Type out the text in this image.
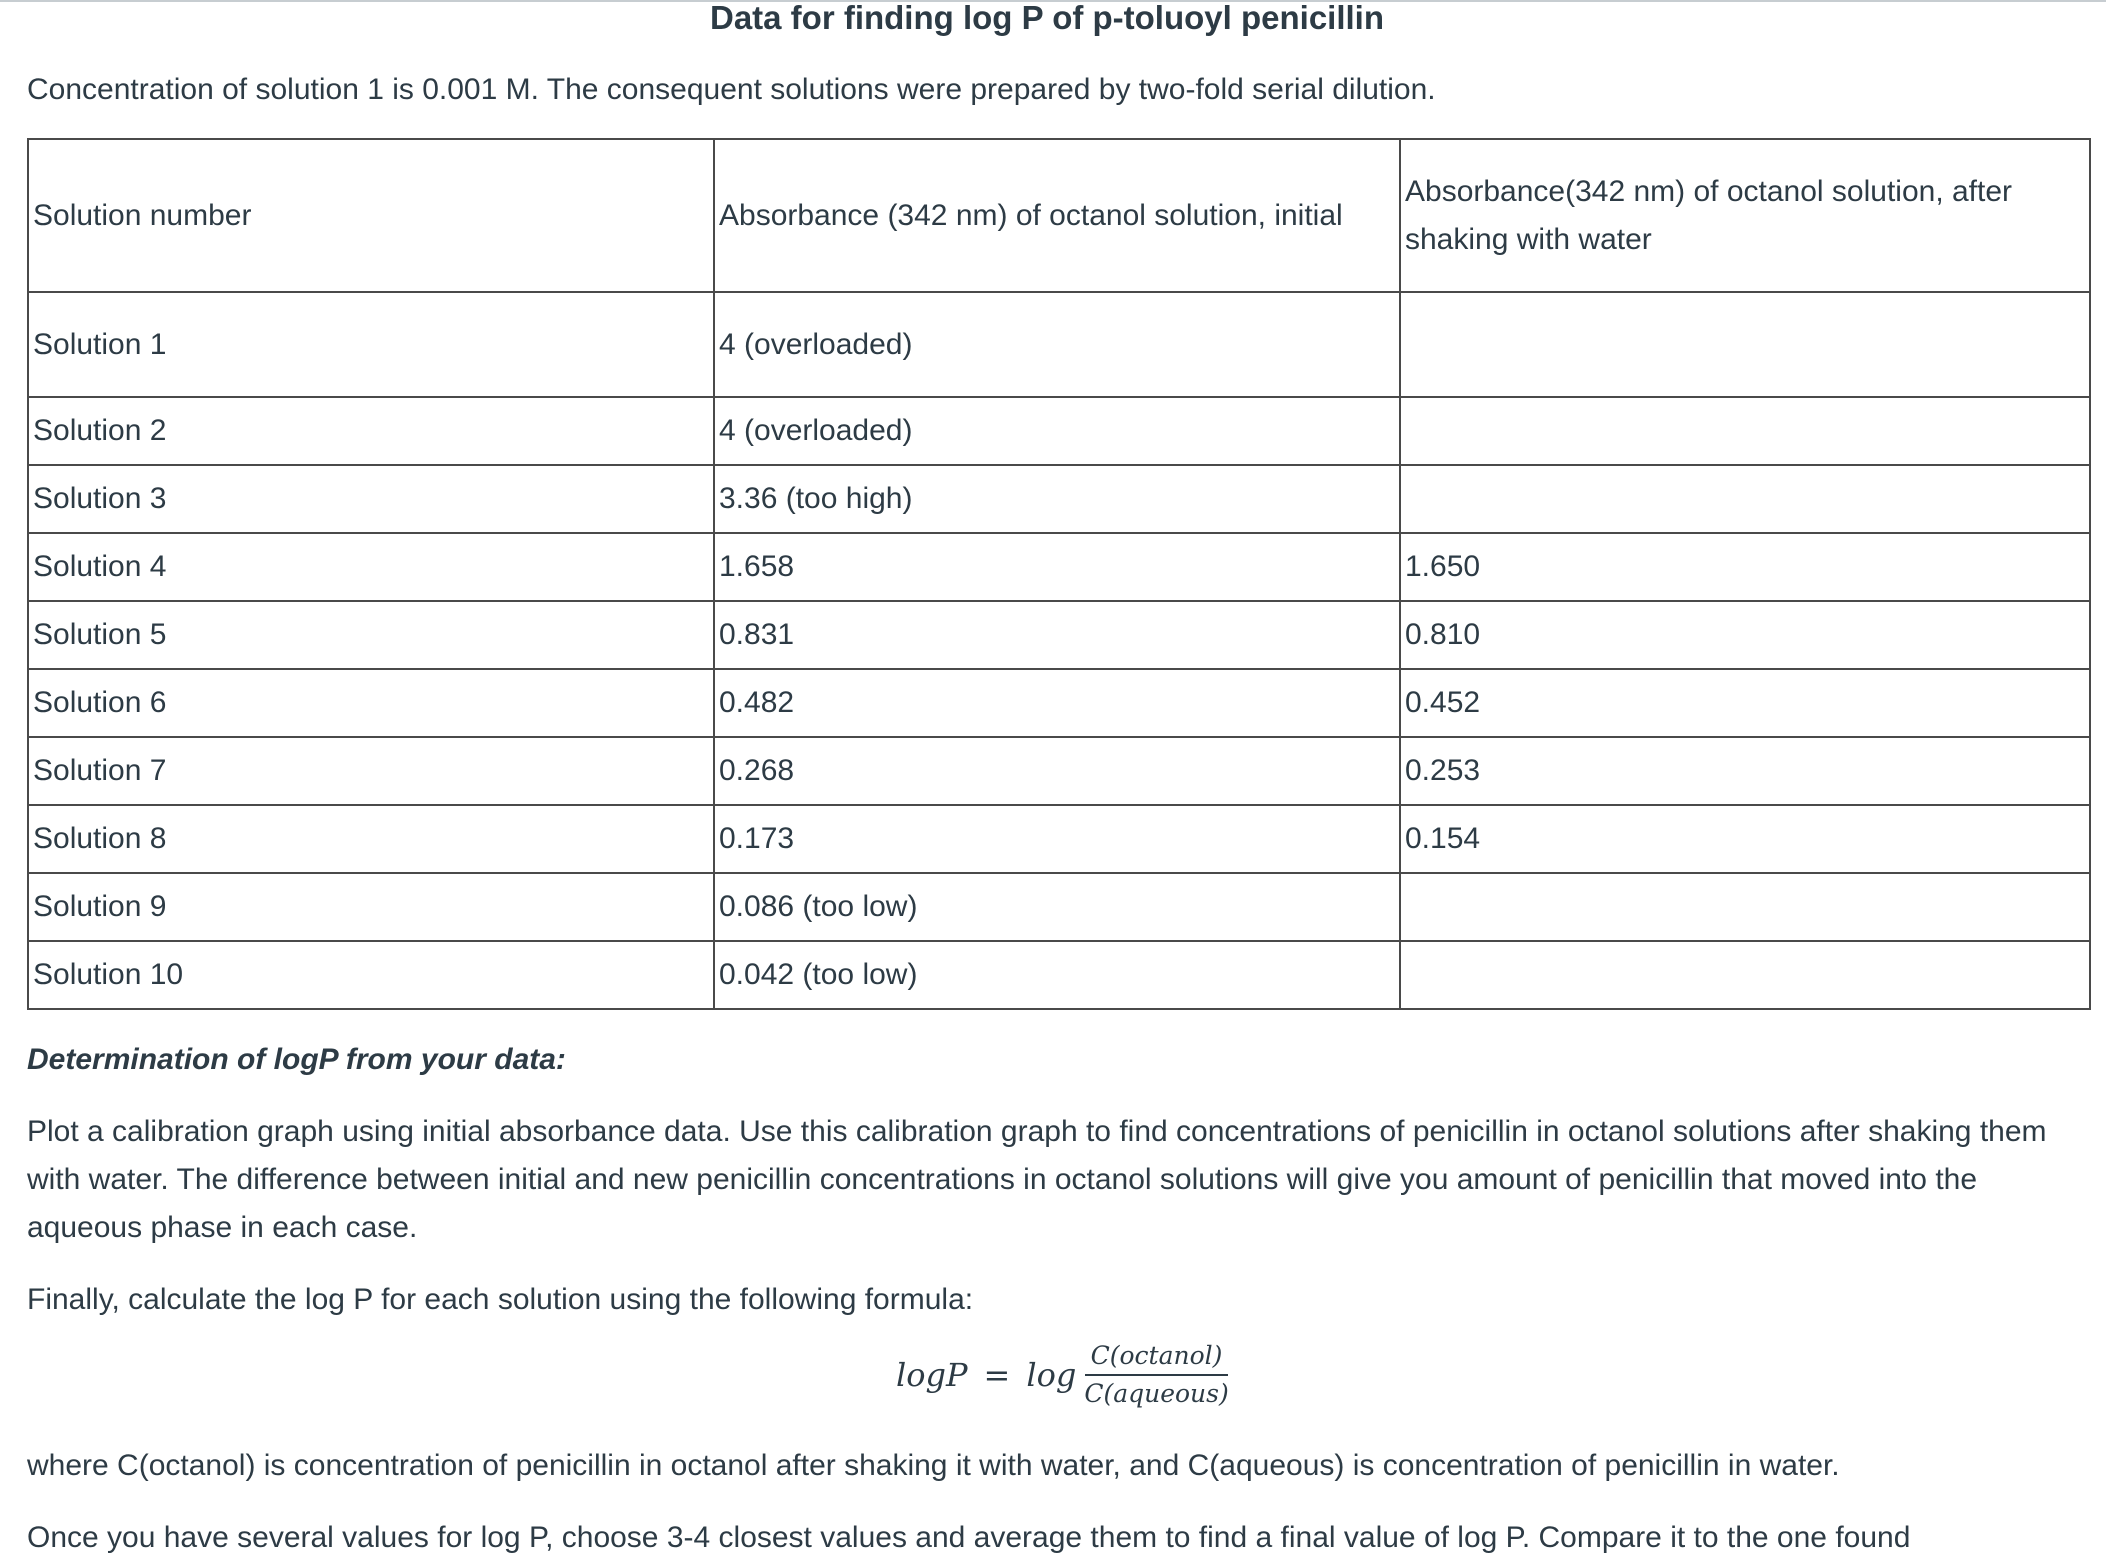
Data for finding log P of p-toluoyl penicillin

Concentration of solution 1 is 0.001 M. The consequent solutions were prepared by two-fold serial dilution.

Solution number	Absorbance (342 nm) of octanol solution, initial	Absorbance(342 nm) of octanol solution, after shaking with water
Solution 1	4 (overloaded)	
Solution 2	4 (overloaded)	
Solution 3	3.36 (too high)	
Solution 4	1.658	1.650
Solution 5	0.831	0.810
Solution 6	0.482	0.452
Solution 7	0.268	0.253
Solution 8	0.173	0.154
Solution 9	0.086 (too low)	
Solution 10	0.042 (too low)	
Determination of logP from your data:

Plot a calibration graph using initial absorbance data. Use this calibration graph to find concentrations of penicillin in octanol solutions after shaking them with water. The difference between initial and new penicillin concentrations in octanol solutions will give you amount of penicillin that moved into the aqueous phase in each case.

Finally, calculate the log P for each solution using the following formula:

$\log P = \log \frac{\text{C(octanol)}}{\text{C(aqueous)}}$

where C(octanol) is concentration of penicillin in octanol after shaking it with water, and C(aqueous) is concentration of penicillin in water.

Once you have several values for log P, choose 3-4 closest values and average them to find a final value of log P. Compare it to the one found
